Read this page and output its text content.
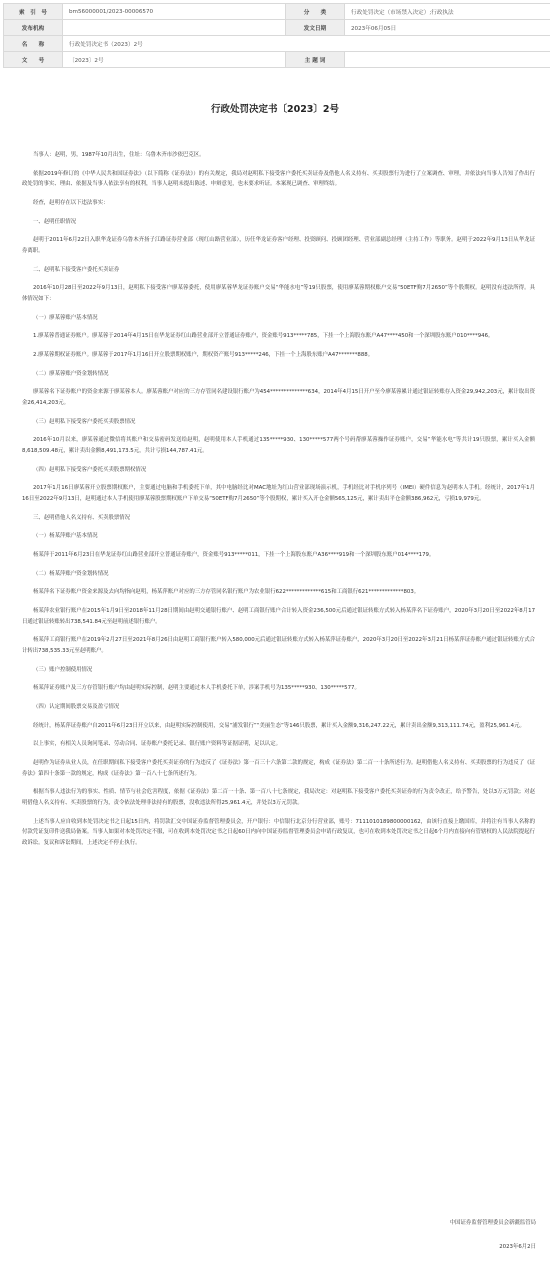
索　引　号	bm56000001/2023-00006570	分　　类	行政处罚决定（市场禁入决定）;行政执法
发布机构		发文日期	2023年06月05日
名　　称	行政处罚决定书（2023）2号		
文　　号	〔2023〕2号	主 题 词	
行政处罚决定书〔2023〕2号

当事人：赵明，男，1987年10月出生，住址：乌鲁木齐市沙依巴克区。

依据2019年修订的《中华人民共和国证券法》（以下简称《证券法》）的有关规定，我局对赵明私下接受客户委托买卖证券及借他人名义持有、买卖股票行为进行了立案调查、审理，并依法向当事人告知了作出行政处罚的事实、理由、依据及当事人依法享有的权利，当事人赵明未提出陈述、申辩意见，也未要求听证。本案现已调查、审理终结。

经查，赵明存在以下违法事实：

一、赵明任职情况

赵明于2011年6月22日入职华龙证券乌鲁木齐扬子江路证券营业部（现红山路营业部），历任华龙证券客户经理、投资顾问、投顾团经理、营业部副总经理（主持工作）等职务。赵明于2022年9月13日从华龙证券离职。

二、赵明私下接受客户委托买卖证券

2016年10月28日至2022年9月13日，赵明私下接受客户廖某蓉委托，使用廖某蓉华龙证券账户交易“华能水电”等19只股票，使用廖某蓉期权账户交易“50ETF购7月2650”等个股期权。赵明没有违法所得。具体情况如下：

（一）廖某蓉账户基本情况

1.廖某蓉普通证券账户。廖某蓉于2014年4月15日在华龙证券红山路营业部开立普通证券账户，资金账号913*****785，下挂一个上海股东账户A47****450和一个深圳股东账户010****946。

2.廖某蓉期权证券账户。廖某蓉于2017年1月16日开立股票期权账户，期权资产账号913*****246，下挂一个上海股东账户A47*******888。

（二）廖某蓉账户资金划转情况

廖某蓉名下证券账户的资金来源于廖某蓉本人。廖某蓉账户对应的三方存管同名建设银行账户为454**************634，2014年4月15日开户至今廖某蓉累计通过银证转账存入资金29,942,203元，累计取出资金26,414,203元。

（三）赵明私下接受客户委托买卖股票情况

2016年10月以来，廖某蓉通过微信将其账户和交易密码发送给赵明，赵明使用本人手机通过135*****930、130*****577两个号码帮廖某蓉操作证券账户，交易“华能水电”等共计19只股票，累计买入金额8,618,509.48元，累计卖出金额8,491,173.5元，共计亏损144,787.41元。

（四）赵明私下接受客户委托买卖股票期权情况

2017年1月16日廖某蓉开立股票期权账户，主要通过电脑和手机委托下单，其中电脑经比对MAC地址为红山营业部现场演示机，手机经比对手机序列号（IMEI）硬件信息为赵明本人手机。经统计，2017年1月16日至2022年9月13日，赵明通过本人手机使用廖某蓉股票期权账户下单交易“50ETF购7月2650”等个股期权，累计买入开仓金额565,125元，累计卖出平仓金额386,962元，亏损19,979元。

三、赵明借他人名义持有、买卖股票情况

（一）杨某萍账户基本情况

杨某萍于2011年6月23日在华龙证券红山路营业部开立普通证券账户，资金账号913*****011，下挂一个上海股东账户A36****919和一个深圳股东账户014****179。

（二）杨某萍账户资金划转情况

杨某萍名下证券账户资金来源及去向均指向赵明，杨某萍账户对应的三方存管同名银行账户为农业银行622*************615和工商银行621*************803。

杨某萍农业银行账户在2015年1月9日至2018年11月28日期间由赵明交通银行账户、赵明工商银行账户合计转入资金236,500元后通过银证转账方式转入杨某萍名下证券账户，2020年3月20日至2022年8月17日通过银证转账转出738,541.84元至赵明前述银行账户。

杨某萍工商银行账户在2019年2月27日至2021年8月26日由赵明工商银行账户转入580,000元后通过银证转账方式转入杨某萍证券账户，2020年3月20日至2022年3月21日杨某萍证券账户通过银证转账方式合计转出738,535.33元至赵明账户。

（三）账户控制使用情况

杨某萍证券账户及三方存管银行账户均由赵明实际控制，赵明主要通过本人手机委托下单，涉案手机号为135*****930、130*****577。

（四）认定期间股票交易及盈亏情况

经统计，杨某萍证券账户自2011年6月23日开立以来，由赵明实际控制使用，交易“浦发银行”“美丽生态”等146只股票，累计买入金额9,316,247.22元，累计卖出金额9,313,111.74元，盈利25,961.4元。

以上事实，有相关人员询问笔录、劳动合同、证券账户委托记录、银行账户资料等证据证明，足以认定。

赵明作为证券从业人员，在任职期间私下接受客户委托买卖证券的行为违反了《证券法》第一百三十六条第二款的规定，构成《证券法》第二百一十条所述行为。赵明借他人名义持有、买卖股票的行为违反了《证券法》第四十条第一款的规定，构成《证券法》第一百八十七条所述行为。

根据当事人违法行为的事实、性质、情节与社会危害程度，依据《证券法》第二百一十条、第一百八十七条规定，我局决定：对赵明私下接受客户委托买卖证券的行为责令改正，给予警告，处以3万元罚款；对赵明借他人名义持有、买卖股票的行为，责令依法处理非法持有的股票，没收违法所得25,961.4元，并处以3万元罚款。

上述当事人应自收到本处罚决定书之日起15日内，将罚款汇交中国证券监督管理委员会，开户银行：中信银行北京分行营业部，账号：7111010189800000162，由该行直接上缴国库，并将注有当事人名称的付款凭证复印件送我局备案。当事人如果对本处罚决定不服，可在收到本处罚决定书之日起60日内向中国证券监督管理委员会申请行政复议，也可在收到本处罚决定书之日起6个月内直接向有管辖权的人民法院提起行政诉讼。复议和诉讼期间，上述决定不停止执行。

中国证券监督管理委员会新疆监管局
2023年6月2日
